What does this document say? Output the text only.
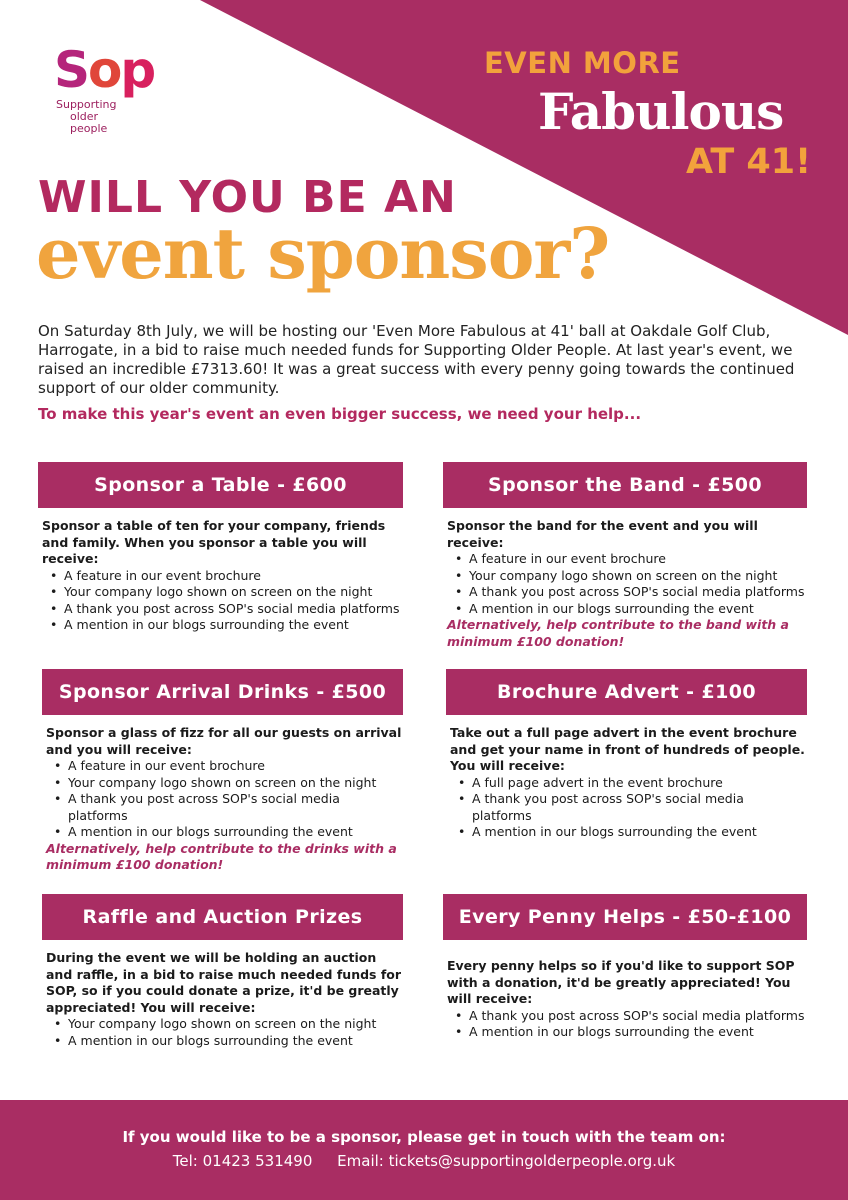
Sop
Supporting
older
people
EVEN MORE
Fabulous
AT 41!
WILL YOU BE AN
event sponsor?

On Saturday 8th July, we will be hosting our 'Even More Fabulous at 41' ball at Oakdale Golf Club, Harrogate, in a bid to raise much needed funds for Supporting Older People. At last year's event, we raised an incredible £7313.60! It was a great success with every penny going towards the continued support of our older community.

To make this year's event an even bigger success, we need your help...
Sponsor a Table - £600
Sponsor a table of ten for your company, friends and family. When you sponsor a table you will receive:
• A feature in our event brochure
• Your company logo shown on screen on the night
• A thank you post across SOP's social media platforms
• A mention in our blogs surrounding the event
Sponsor the Band - £500
Sponsor the band for the event and you will receive:
• A feature in our event brochure
• Your company logo shown on screen on the night
• A thank you post across SOP's social media platforms
• A mention in our blogs surrounding the event
Alternatively, help contribute to the band with a minimum £100 donation!
Sponsor Arrival Drinks - £500
Sponsor a glass of fizz for all our guests on arrival and you will receive:
• A feature in our event brochure
• Your company logo shown on screen on the night
• A thank you post across SOP's social media platforms
• A mention in our blogs surrounding the event
Alternatively, help contribute to the drinks with a minimum £100 donation!
Brochure Advert - £100
Take out a full page advert in the event brochure and get your name in front of hundreds of people. You will receive:
• A full page advert in the event brochure
• A thank you post across SOP's social media platforms
• A mention in our blogs surrounding the event
Raffle and Auction Prizes
During the event we will be holding an auction and raffle, in a bid to raise much needed funds for SOP, so if you could donate a prize, it'd be greatly appreciated! You will receive:
• Your company logo shown on screen on the night
• A mention in our blogs surrounding the event
Every Penny Helps - £50-£100
Every penny helps so if you'd like to support SOP with a donation, it'd be greatly appreciated! You will receive:
• A thank you post across SOP's social media platforms
• A mention in our blogs surrounding the event
If you would like to be a sponsor, please get in touch with the team on:
Tel: 01423 531490 Email: tickets@supportingolderpeople.org.uk
